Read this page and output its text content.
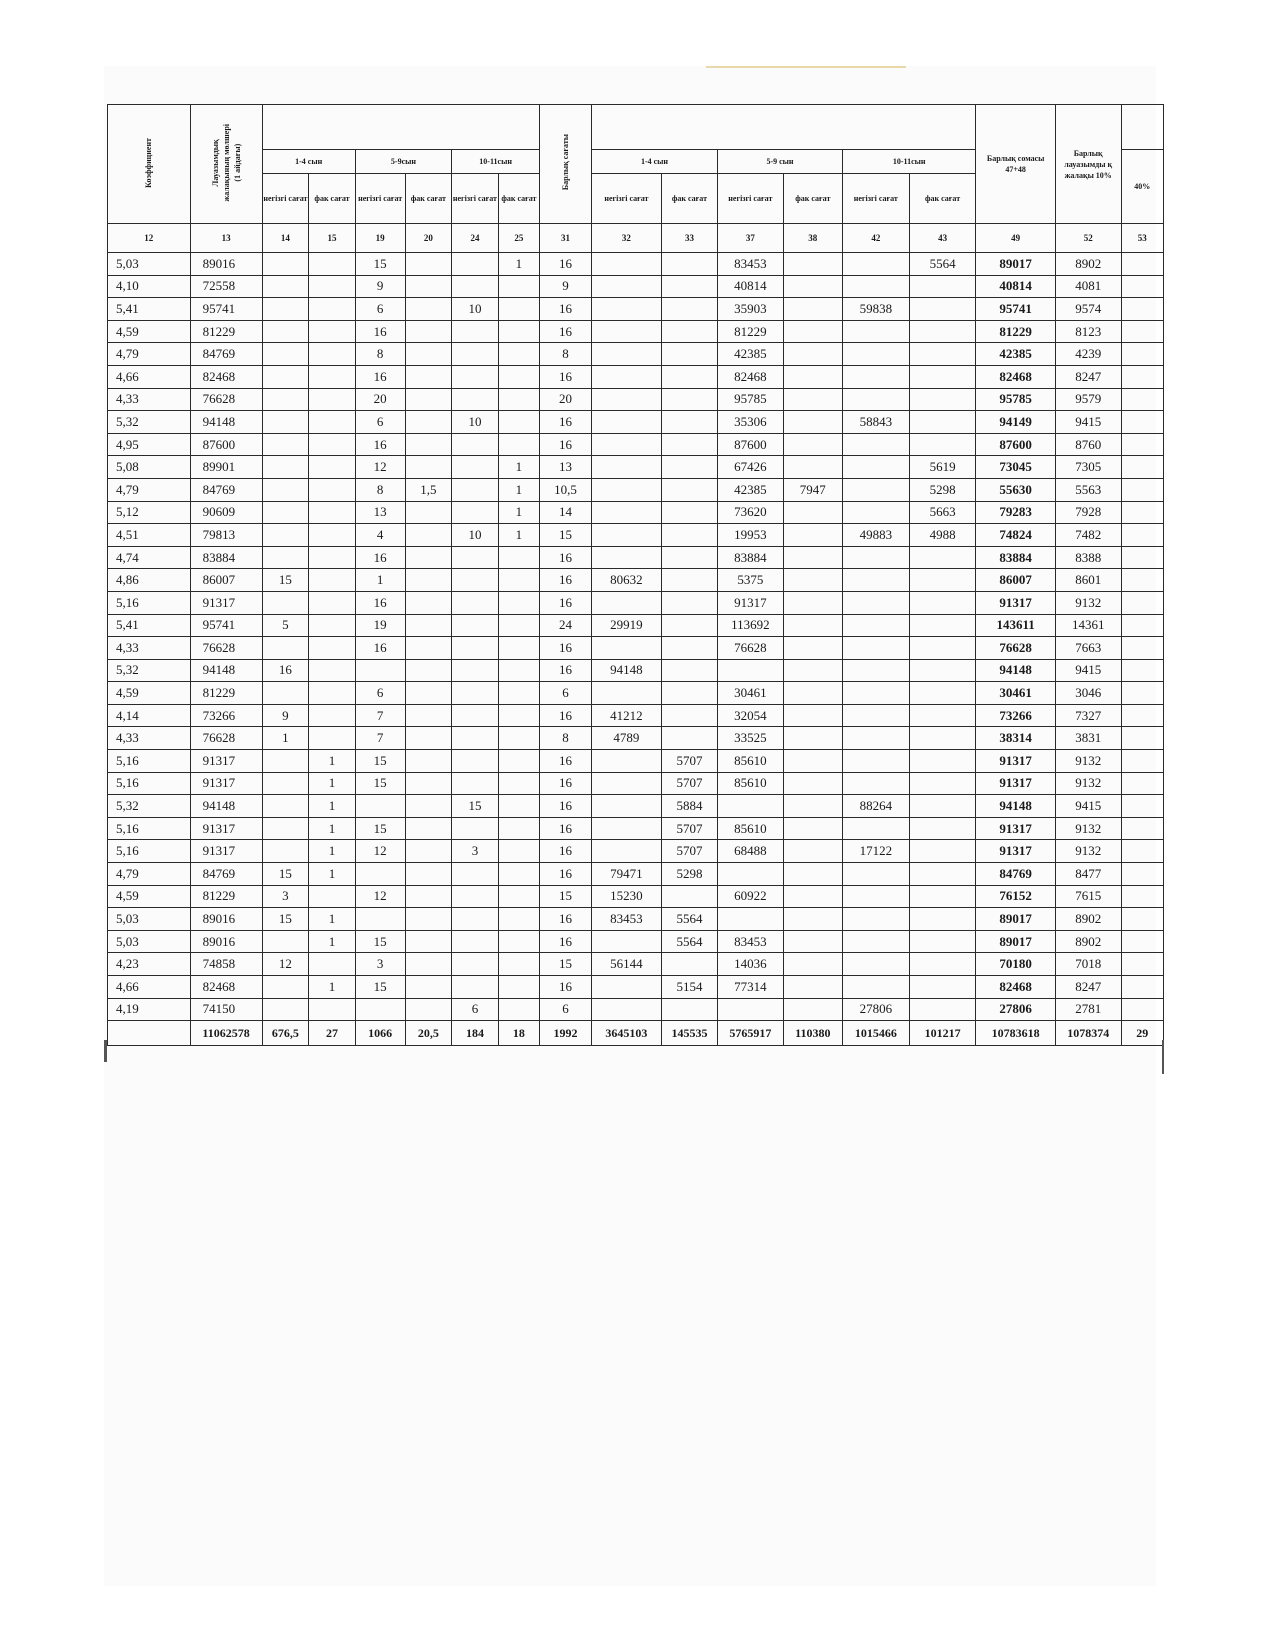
Коэффициент	Лауазымдық жалақының мөлшері (1 айдағы)							Барлық сағаты							Барлық сомасы 47+48	Барлық лауазымды қ жалақы 10%	
		1-4 сын		5-9сын		10-11сын			1-4 сын		5-9 сын		10-11сын				40%
		негізгі сағат	фак сағат	негізгі сағат	фак сағат	негізгі сағат	фак сағат		негізгі сағат	фак сағат	негізгі сағат	фак сағат	негізгі сағат	фак сағат			
12	13	14	15	19	20	24	25	31	32	33	37	38	42	43	49	52	53
5,03	89016			15			1	16			83453			5564	89017	8902	
4,10	72558			9				9			40814				40814	4081	
5,41	95741			6		10		16			35903		59838		95741	9574	
4,59	81229			16				16			81229				81229	8123	
4,79	84769			8				8			42385				42385	4239	
4,66	82468			16				16			82468				82468	8247	
4,33	76628			20				20			95785				95785	9579	
5,32	94148			6		10		16			35306		58843		94149	9415	
4,95	87600			16				16			87600				87600	8760	
5,08	89901			12			1	13			67426			5619	73045	7305	
4,79	84769			8	1,5		1	10,5			42385	7947		5298	55630	5563	
5,12	90609			13			1	14			73620			5663	79283	7928	
4,51	79813			4		10	1	15			19953		49883	4988	74824	7482	
4,74	83884			16				16			83884				83884	8388	
4,86	86007	15		1				16	80632		5375				86007	8601	
5,16	91317			16				16			91317				91317	9132	
5,41	95741	5		19				24	29919		113692				143611	14361	
4,33	76628			16				16			76628				76628	7663	
5,32	94148	16						16	94148						94148	9415	
4,59	81229			6				6			30461				30461	3046	
4,14	73266	9		7				16	41212		32054				73266	7327	
4,33	76628	1		7				8	4789		33525				38314	3831	
5,16	91317		1	15				16		5707	85610				91317	9132	
5,16	91317		1	15				16		5707	85610				91317	9132	
5,32	94148		1			15		16		5884			88264		94148	9415	
5,16	91317		1	15				16		5707	85610				91317	9132	
5,16	91317		1	12		3		16		5707	68488		17122		91317	9132	
4,79	84769	15	1					16	79471	5298					84769	8477	
4,59	81229	3		12				15	15230		60922				76152	7615	
5,03	89016	15	1					16	83453	5564					89017	8902	
5,03	89016		1	15				16		5564	83453				89017	8902	
4,23	74858	12		3				15	56144		14036				70180	7018	
4,66	82468		1	15				16		5154	77314				82468	8247	
4,19	74150					6		6					27806		27806	2781	
	11062578	676,5	27	1066	20,5	184	18	1992	3645103	145535	5765917	110380	1015466	101217	10783618	1078374	29
